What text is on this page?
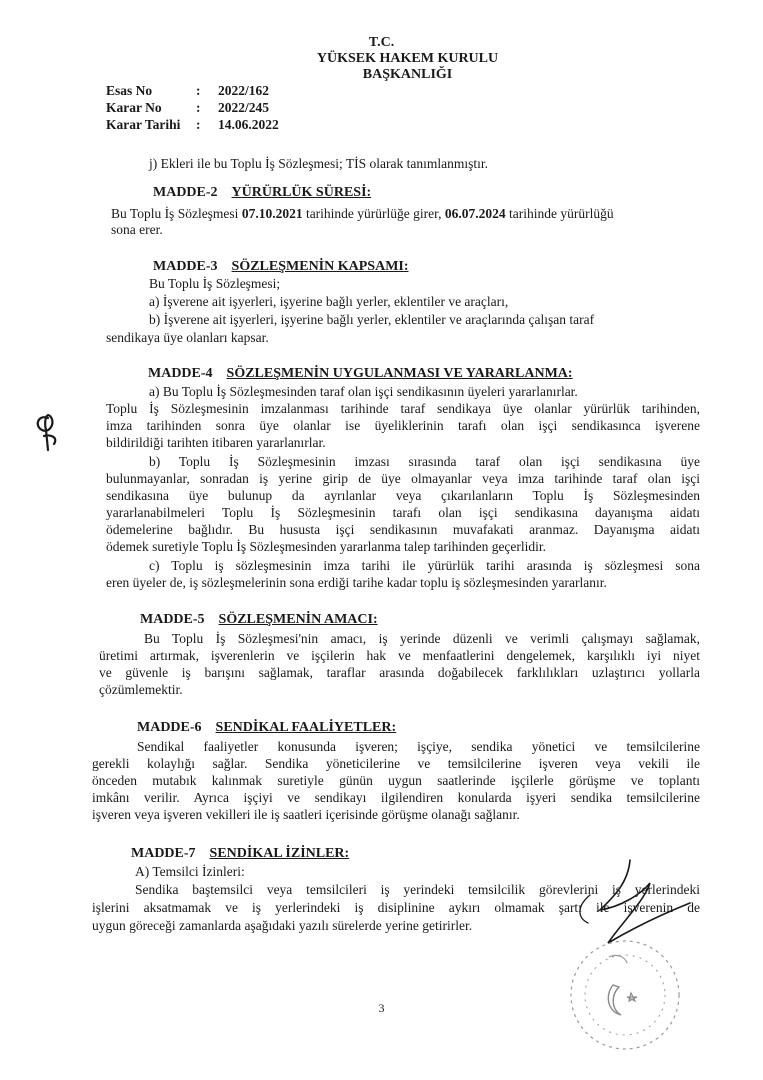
T.C.
YÜKSEK HAKEM KURULU
BAŞKANLIĞI
Esas No	: 2022/162
Karar No	: 2022/245
Karar Tarihi : 14.06.2022
j) Ekleri ile bu Toplu İş Sözleşmesi; TİS olarak tanımlanmıştır.
MADDE-2 YÜRÜRLÜK SÜRESİ:
Bu Toplu İş Sözleşmesi 07.10.2021 tarihinde yürürlüğe girer, 06.07.2024 tarihinde yürürlüğü
sona erer.
MADDE-3 SÖZLEŞMENİN KAPSAMI:
Bu Toplu İş Sözleşmesi;
a) İşverene ait işyerleri, işyerine bağlı yerler, eklentiler ve araçları,
b) İşverene ait işyerleri, işyerine bağlı yerler, eklentiler ve araçlarında çalışan taraf
sendikaya üye olanları kapsar.
MADDE-4 SÖZLEŞMENİN UYGULANMASI VE YARARLANMA:
a) Bu Toplu İş Sözleşmesinden taraf olan işçi sendikasının üyeleri yararlanırlar.
Toplu İş Sözleşmesinin imzalanması tarihinde taraf sendikaya üye olanlar yürürlük tarihinden,
imza tarihinden sonra üye olanlar ise üyeliklerinin tarafı olan işçi sendikasınca işverene
bildirildiği tarihten itibaren yararlanırlar.
b) Toplu İş Sözleşmesinin imzası sırasında taraf olan işçi sendikasına üye
bulunmayanlar, sonradan iş yerine girip de üye olmayanlar veya imza tarihinde taraf olan işçi
sendikasına üye bulunup da ayrılanlar veya çıkarılanların Toplu İş Sözleşmesinden
yararlanabilmeleri Toplu İş Sözleşmesinin tarafı olan işçi sendikasına dayanışma aidatı
ödemelerine bağlıdır. Bu hususta işçi sendikasının muvafakati aranmaz. Dayanışma aidatı
ödemek suretiyle Toplu İş Sözleşmesinden yararlanma talep tarihinden geçerlidir.
c) Toplu iş sözleşmesinin imza tarihi ile yürürlük tarihi arasında iş sözleşmesi sona
eren üyeler de, iş sözleşmelerinin sona erdiği tarihe kadar toplu iş sözleşmesinden yararlanır.
MADDE-5 SÖZLEŞMENİN AMACI:
Bu Toplu İş Sözleşmesi'nin amacı, iş yerinde düzenli ve verimli çalışmayı sağlamak,
üretimi artırmak, işverenlerin ve işçilerin hak ve menfaatlerini dengelemek, karşılıklı iyi niyet
ve güvenle iş barışını sağlamak, taraflar arasında doğabilecek farklılıkları uzlaştırıcı yollarla
çözümlemektir.
MADDE-6 SENDİKAL FAALİYETLER:
Sendikal faaliyetler konusunda işveren; işçiye, sendika yönetici ve temsilcilerine
gerekli kolaylığı sağlar. Sendika yöneticilerine ve temsilcilerine işveren veya vekili ile
önceden mutabık kalınmak suretiyle günün uygun saatlerinde işçilerle görüşme ve toplantı
imkânı verilir. Ayrıca işçiyi ve sendikayı ilgilendiren konularda işyeri sendika temsilcilerine
işveren veya işveren vekilleri ile iş saatleri içerisinde görüşme olanağı sağlanır.
MADDE-7 SENDİKAL İZİNLER:
A) Temsilci İzinleri:
Sendika baştemsilci veya temsilcileri iş yerindeki temsilcilik görevlerini iş yerlerindeki
işlerini aksatmamak ve iş yerlerindeki iş disiplinine aykırı olmamak şartı ile işverenin de
uygun göreceği zamanlarda aşağıdaki yazılı sürelerde yerine getirirler.
3
